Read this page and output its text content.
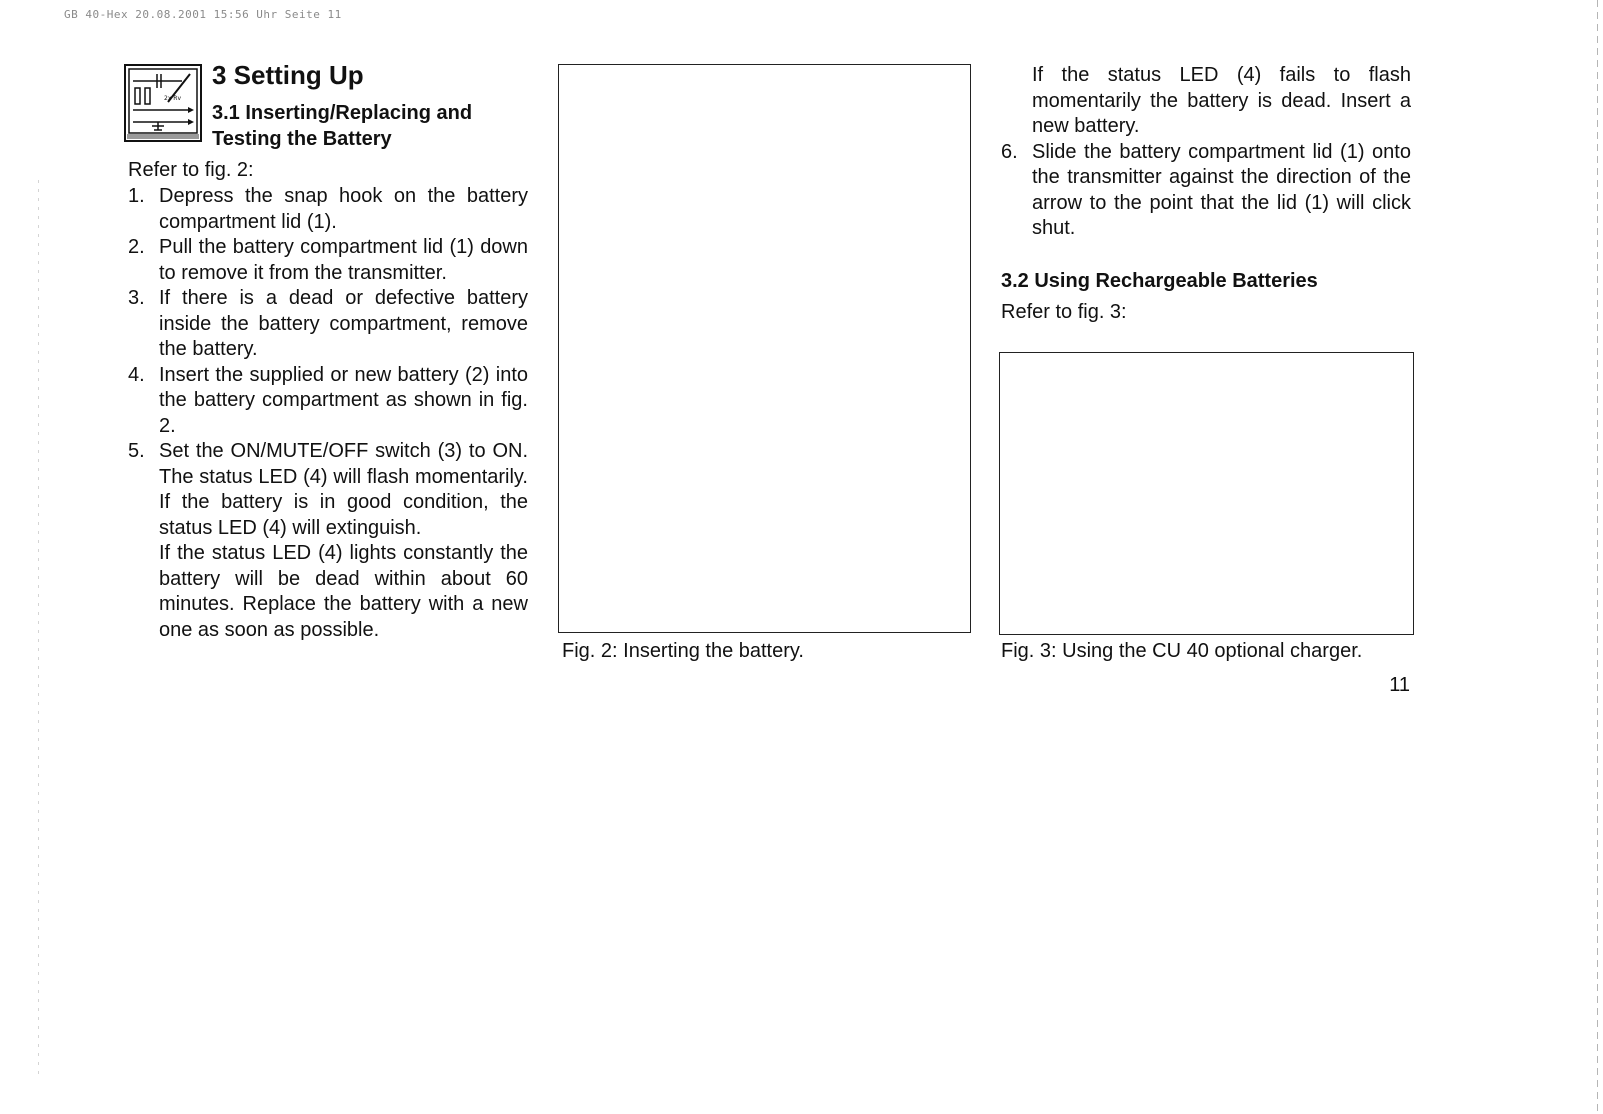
GB 40-Hex 20.08.2001 15:56 Uhr Seite 11
2x Rv
3 Setting Up
3.1 Inserting/Replacing and Testing the Battery

Refer to fig. 2:

1. Depress the snap hook on the battery compartment lid (1).
2. Pull the battery compartment lid (1) down to remove it from the transmitter.
3. If there is a dead or defective battery inside the battery compartment, remove the battery.
4. Insert the supplied or new battery (2) into the battery compartment as shown in fig. 2.
5. Set the ON/MUTE/OFF switch (3) to ON. The status LED (4) will flash momentarily. If the battery is in good condition, the status LED (4) will extinguish.
If the status LED (4) lights constantly the battery will be dead within about 60 minutes. Replace the battery with a new one as soon as possible.

Fig. 2: Inserting the battery.

If the status LED (4) fails to flash momentarily the battery is dead. Insert a new battery.
6. Slide the battery compartment lid (1) onto the transmitter against the direction of the arrow to the point that the lid (1) will click shut.
3.2 Using Rechargeable Batteries

Refer to fig. 3:

Fig. 3: Using the CU 40 optional charger.

11
